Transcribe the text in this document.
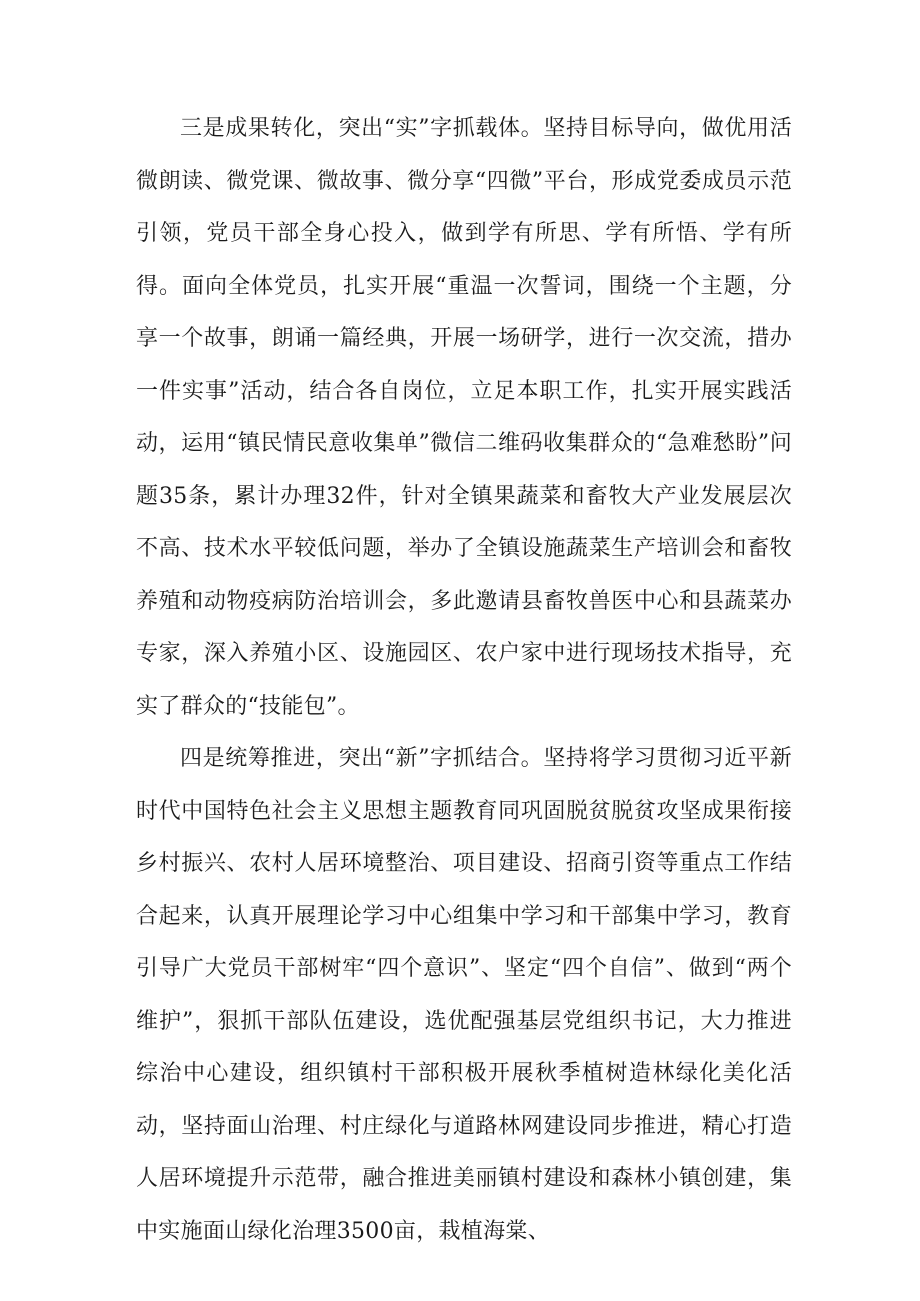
三是成果转化，突出“实”字抓载体。坚持目标导向，做优用活微朗读、微党课、微故事、微分享“四微”平台，形成党委成员示范引领，党员干部全身心投入，做到学有所思、学有所悟、学有所得。面向全体党员，扎实开展“重温一次誓词，围绕一个主题，分享一个故事，朗诵一篇经典，开展一场研学，进行一次交流，措办一件实事”活动，结合各自岗位，立足本职工作，扎实开展实践活动，运用“镇民情民意收集单”微信二维码收集群众的“急难愁盼”问题35条，累计办理32件，针对全镇果蔬菜和畜牧大产业发展层次不高、技术水平较低问题，举办了全镇设施蔬菜生产培训会和畜牧养殖和动物疫病防治培训会，多此邀请县畜牧兽医中心和县蔬菜办专家，深入养殖小区、设施园区、农户家中进行现场技术指导，充实了群众的“技能包”。

四是统筹推进，突出“新”字抓结合。坚持将学习贯彻习近平新时代中国特色社会主义思想主题教育同巩固脱贫脱贫攻坚成果衔接乡村振兴、农村人居环境整治、项目建设、招商引资等重点工作结合起来，认真开展理论学习中心组集中学习和干部集中学习，教育引导广大党员干部树牢“四个意识”、坚定“四个自信”、做到“两个维护”，狠抓干部队伍建设，选优配强基层党组织书记，大力推进综治中心建设，组织镇村干部积极开展秋季植树造林绿化美化活动，坚持面山治理、村庄绿化与道路林网建设同步推进，精心打造人居环境提升示范带，融合推进美丽镇村建设和森林小镇创建，集中实施面山绿化治理3500亩，栽植海棠、
